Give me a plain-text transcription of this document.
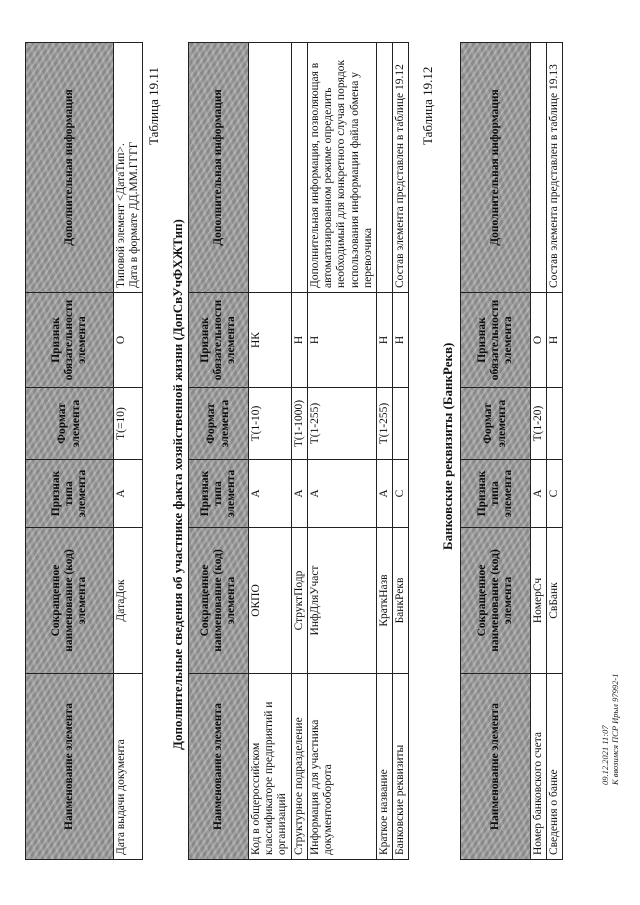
Наименование элемента	Сокращенное наименование (код) элемента	Признак типа элемента	Формат элемента	Признак обязательности элемента	Дополнительная информация
Дата выдачи документа	ДатаДок	А	T(=10)	О	Типовой элемент <ДатаТип>.
Дата в формате ДД.ММ.ГГГГ
Таблица 19.11
Дополнительные сведения об участнике факта хозяйственной жизни (ДопСвУчФХЖТип)
Наименование элемента	Сокращенное наименование (код) элемента	Признак типа элемента	Формат элемента	Признак обязательности элемента	Дополнительная информация
Код в общероссийском классификаторе предприятий и организаций	ОКПО	А	T(1-10)	НК	
Структурное подразделение	СтруктПодр	А	T(1-1000)	Н	
Информация для участника документооборота	ИнфДляУчаст	А	T(1-255)	Н	Дополнительная информация, позволяющая в автоматизированном режиме определить необходимый для конкретного случая порядок использования информации файла обмена у перевозчика
Краткое название	КраткНазв	А	T(1-255)	Н	
Банковские реквизиты	БанкРекв	С		Н	Состав элемента представлен в таблице 19.12 Таблица 19.12
Банковские реквизиты (БанкРекв)
Наименование элемента	Сокращенное наименование (код) элемента	Признак типа элемента	Формат элемента	Признак обязательности элемента	Дополнительная информация
Номер банковского счета	НомерСч	А	T(1-20)	О	
Сведения о банке	СвБанк	С		Н	Состав элемента представлен в таблице 19.13
09.12.2021 11:07 К ввозимся ПСР Ирыл 97992-1
